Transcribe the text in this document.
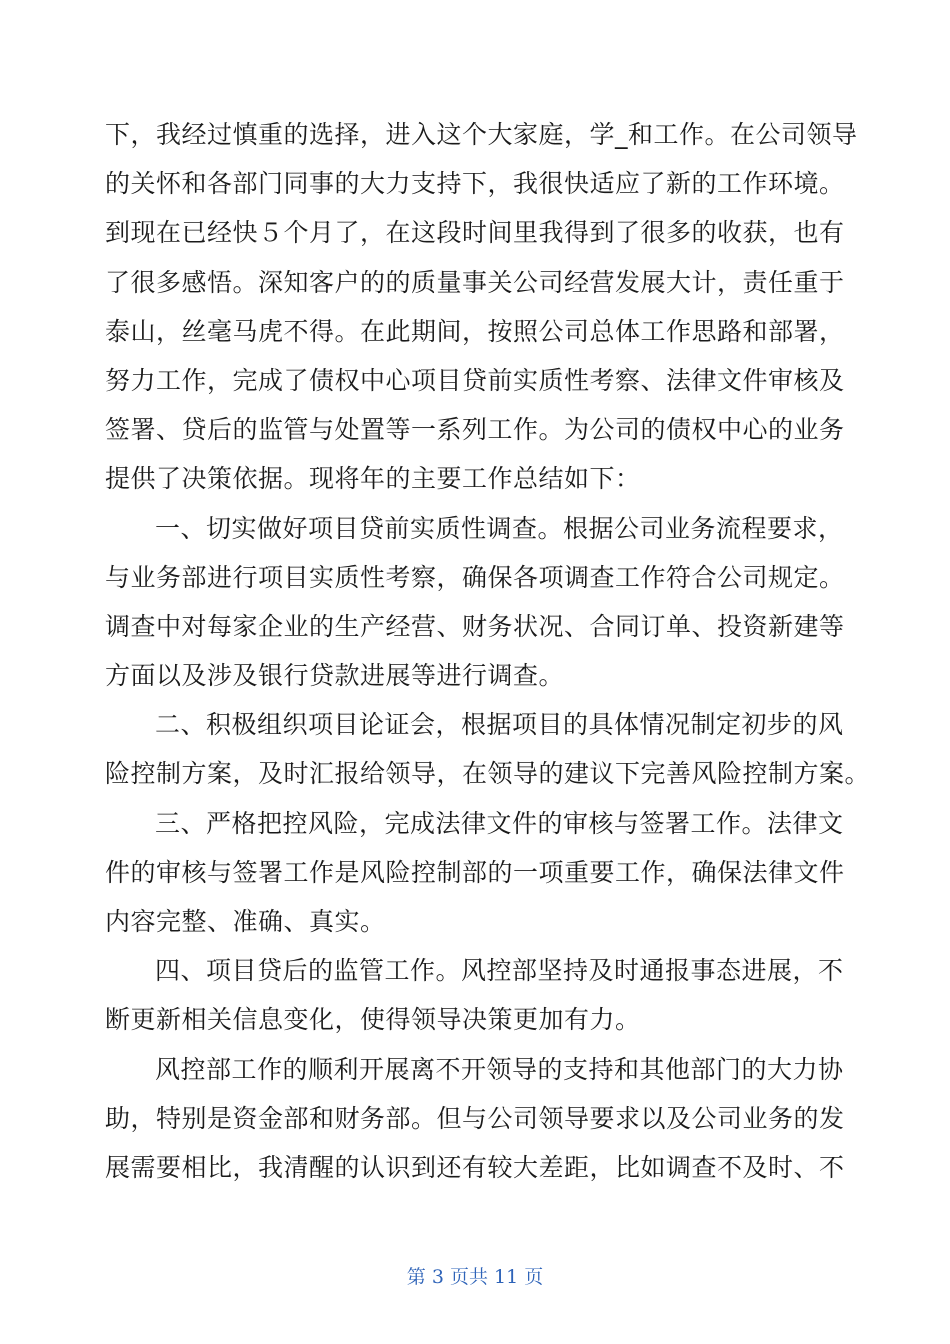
下，我经过慎重的选择，进入这个大家庭，学_和工作。在公司领导
的关怀和各部门同事的大力支持下，我很快适应了新的工作环境。
到现在已经快５个月了，在这段时间里我得到了很多的收获，也有
了很多感悟。深知客户的的质量事关公司经营发展大计，责任重于
泰山，丝毫马虎不得。在此期间，按照公司总体工作思路和部署，
努力工作，完成了债权中心项目贷前实质性考察、法律文件审核及
签署、贷后的监管与处置等一系列工作。为公司的债权中心的业务
提供了决策依据。现将年的主要工作总结如下：
一、切实做好项目贷前实质性调查。根据公司业务流程要求，
与业务部进行项目实质性考察，确保各项调查工作符合公司规定。
调查中对每家企业的生产经营、财务状况、合同订单、投资新建等
方面以及涉及银行贷款进展等进行调查。
二、积极组织项目论证会，根据项目的具体情况制定初步的风
险控制方案，及时汇报给领导，在领导的建议下完善风险控制方案。
三、严格把控风险，完成法律文件的审核与签署工作。法律文
件的审核与签署工作是风险控制部的一项重要工作，确保法律文件
内容完整、准确、真实。
四、项目贷后的监管工作。风控部坚持及时通报事态进展，不
断更新相关信息变化，使得领导决策更加有力。
风控部工作的顺利开展离不开领导的支持和其他部门的大力协
助，特别是资金部和财务部。但与公司领导要求以及公司业务的发
展需要相比，我清醒的认识到还有较大差距，比如调查不及时、不
第 3 页共 11 页
